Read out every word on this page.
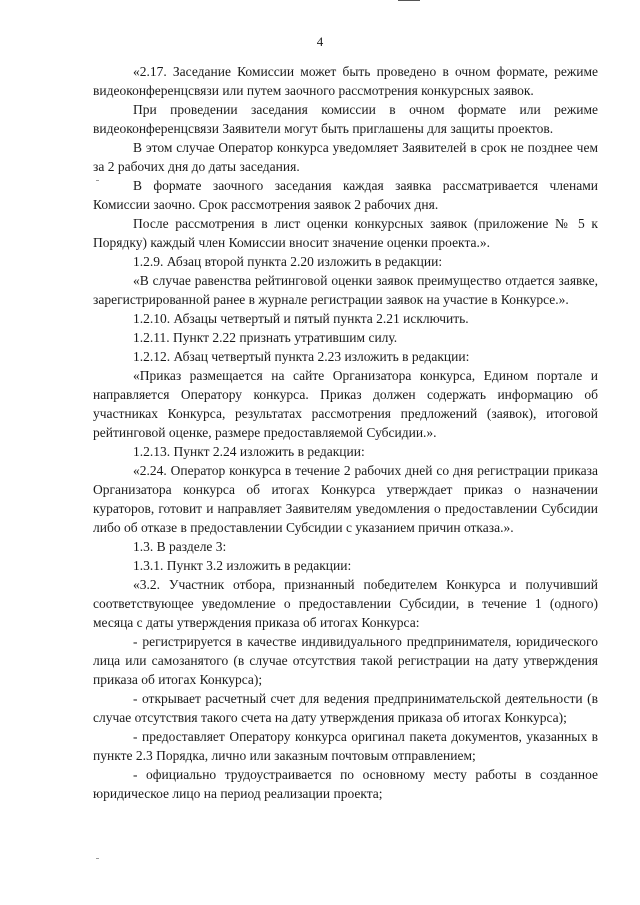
4

«2.17. Заседание Комиссии может быть проведено в очном формате, режиме видеоконференцсвязи или путем заочного рассмотрения конкурсных заявок.

При проведении заседания комиссии в очном формате или режиме видеоконференцсвязи Заявители могут быть приглашены для защиты проектов.

В этом случае Оператор конкурса уведомляет Заявителей в срок не позднее чем за 2 рабочих дня до даты заседания.

В формате заочного заседания каждая заявка рассматривается членами Комиссии заочно. Срок рассмотрения заявок 2 рабочих дня.

После рассмотрения в лист оценки конкурсных заявок (приложение № 5 к Порядку) каждый член Комиссии вносит значение оценки проекта.».

1.2.9. Абзац второй пункта 2.20 изложить в редакции:

«В случае равенства рейтинговой оценки заявок преимущество отдается заявке, зарегистрированной ранее в журнале регистрации заявок на участие в Конкурсе.».

1.2.10. Абзацы четвертый и пятый пункта 2.21 исключить.

1.2.11. Пункт 2.22 признать утратившим силу.

1.2.12. Абзац четвертый пункта 2.23 изложить в редакции:

«Приказ размещается на сайте Организатора конкурса, Едином портале и направляется Оператору конкурса. Приказ должен содержать информацию об участниках Конкурса, результатах рассмотрения предложений (заявок), итоговой рейтинговой оценке, размере предоставляемой Субсидии.».

1.2.13. Пункт 2.24 изложить в редакции:

«2.24. Оператор конкурса в течение 2 рабочих дней со дня регистрации приказа Организатора конкурса об итогах Конкурса утверждает приказ о назначении кураторов, готовит и направляет Заявителям уведомления о предоставлении Субсидии либо об отказе в предоставлении Субсидии с указанием причин отказа.».

1.3. В разделе 3:

1.3.1. Пункт 3.2 изложить в редакции:

«3.2. Участник отбора, признанный победителем Конкурса и получивший соответствующее уведомление о предоставлении Субсидии, в течение 1 (одного) месяца с даты утверждения приказа об итогах Конкурса:

- регистрируется в качестве индивидуального предпринимателя, юридического лица или самозанятого (в случае отсутствия такой регистрации на дату утверждения приказа об итогах Конкурса);

- открывает расчетный счет для ведения предпринимательской деятельности (в случае отсутствия такого счета на дату утверждения приказа об итогах Конкурса);

- предоставляет Оператору конкурса оригинал пакета документов, указанных в пункте 2.3 Порядка, лично или заказным почтовым отправлением;

- официально трудоустраивается по основному месту работы в созданное юридическое лицо на период реализации проекта;
